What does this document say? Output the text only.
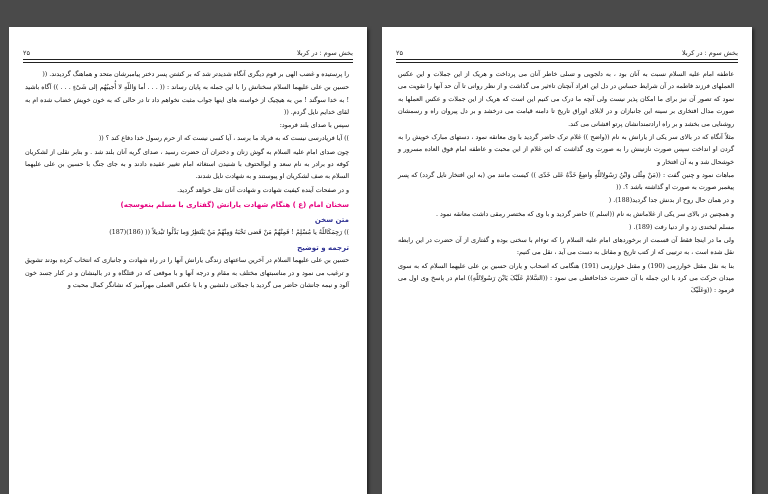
بخش سوم : در کربلا
۲۵

را پرستیده و غضب الهی بر قوم دیگری آنگاه شدیدتر شد که بر کشتن پسر دختر پیامبرشان متحد و هماهنگ گردیدند. ((

حسین بن علی علیهما السلام سخنانش را با این جمله به پایان رساند : (( . . . أما وَاللّهِ لا أُجیبُهُم إلی شَیْءٍ . . . )) آگاه باشید ! به خدا سوگند ! من به هیچیک از خواسته های اینها جواب مثبت نخواهم داد تا در حالی که به خون خویش خضاب شده ام به لقای خدایم نایل گردم. ((

سپس با صدای بلند فرمود:

)) آیا فریادرسی نیست که به فریاد ما برسد ، آیا کسی نیست که از حرم رسول خدا دفاع کند ؟ ((

چون صدای امام علیه السلام به گوش زنان و دختران آن حضرت رسید ، صدای گریه آنان بلند شد . و بنابر نقلی از لشکریان کوفه دو برادر به نام سعد و ابوالحتوف با شنیدن استغاثه امام تغییر عقیده دادند و به جای جنگ با حسین بن علی علیهما السلام به صف لشکریان او پیوستند و به شهادت نایل شدند.

و در صفحات آینده کیفیت شهادت و شهادت آنان نقل خواهد گردید.

سخنان امام (ع ) هنگام شهادت یارانش (گفتاری با مسلم بنعوسجه)

متن سخن

)) رَحِمَکَاللّهُ یا مُسْلِمُ ! فَمِنْهُمْ مَنْ قَضی نَحْبَهُ وَمِنْهُمْ مَنْ یَنْتَظِرُ وَما بَدَّلُوا تَبْدیلاً (( (186)(187)

ترجمه و توضیح

حسین بن علی علیهما السلام در آخرین ساعتهای زندگی یارانش آنها را در راه شهادت و جانبازی که انتخاب کرده بودند تشویق و ترغیب می نمود و در مناسبتهای مختلف به مقام و درجه آنها و با موقعی که در قتلگاه و در بالینشان و در کنار جسد خون آلود و نیمه جانشان حاضر می گردید با جملاتی دلنشین و با با عکس العملی مهرآمیز که نشانگر کمال محبت و

بخش سوم : در کربلا
۲۵

عاطفه امام علیه السلام نسبت به آنان بود ، به دلجویی و تسلی خاطر آنان می پرداخت و هریک از این جملات و این عکس العملهای فرزند فاطمه در آن شرایط حساس در دل این افراد آنچنان تاءثیر می گذاشت و از نظر روانی تا آن حد آنها را تقویت می نمود که تصور آن نیز برای ما امکان پذیر نیست ولی آنچه ما درک می کنیم این است که هریک از این جملات و عکس العملها به صورت مدال افتخاری بر سینه این جانبازان و در لابلای اوراق تاریخ تا دامنه قیامت می درخشد و بر دل پیروان راه و رسمشان روشنایی می بخشد و بر راه ارادتمندانشان پرتو افشانی می کند.

مثلاً آنگاه که در بالای سر یکی از یارانش به نام ((واضح )) غلام ترک حاضر گردید با وی معانقه نمود ، دستهای مبارک خویش را به گردن او انداخت سپس صورت نازنینش را به صورت وی گذاشت که این غلام از این محبت و عاطفه امام فوق العاده مسرور و خوشحال شد و به آن افتخار و

مباهات نمود و چنین گفت : ((مَنْ مِثْلی وَابْنُ رَسُولِاللّهِ واضِعٌ خَدَّهُ عَلی خَدّی )) کیست مانند من (به این افتخار نایل گردد) که پسر پیغمبر صورت به صورت او گذاشته باشد ؟. ((

و در همان حال روح از بدنش جدا گردید(188). (

و همچنین در بالای سر یکی از غلامانش به نام ((اسلم )) حاضر گردید و با وی که مختصر رمقی داشت معانقه نمود .

مسلم لبخندی زد و از دنیا رفت (189). (

ولی ما در اینجا فقط آن قسمت از برخوردهای امام علیه السلام را که توءام با سخنی بوده و گفتاری از آن حضرت در این رابطه نقل شده است ، به ترتیبی که از کتب تاریخ و مقاتل به دست می آید ، نقل می کنیم:

بنا به نقل مقتل خوارزمی (190) و مقتل خوارزمی (191) هنگامی که اصحاب و یاران حسین بن علی علیهما السلام که به سوی میدان حرکت می کرد با این جمله با آن حضرت خداحافظی می نمود : ((السَّلامُ عَلَیْکَ یَابْنَ رَسُولِاللّهِ)) امام در پاسخ وی اول می فرمود : ((وَعَلَیْکَ
